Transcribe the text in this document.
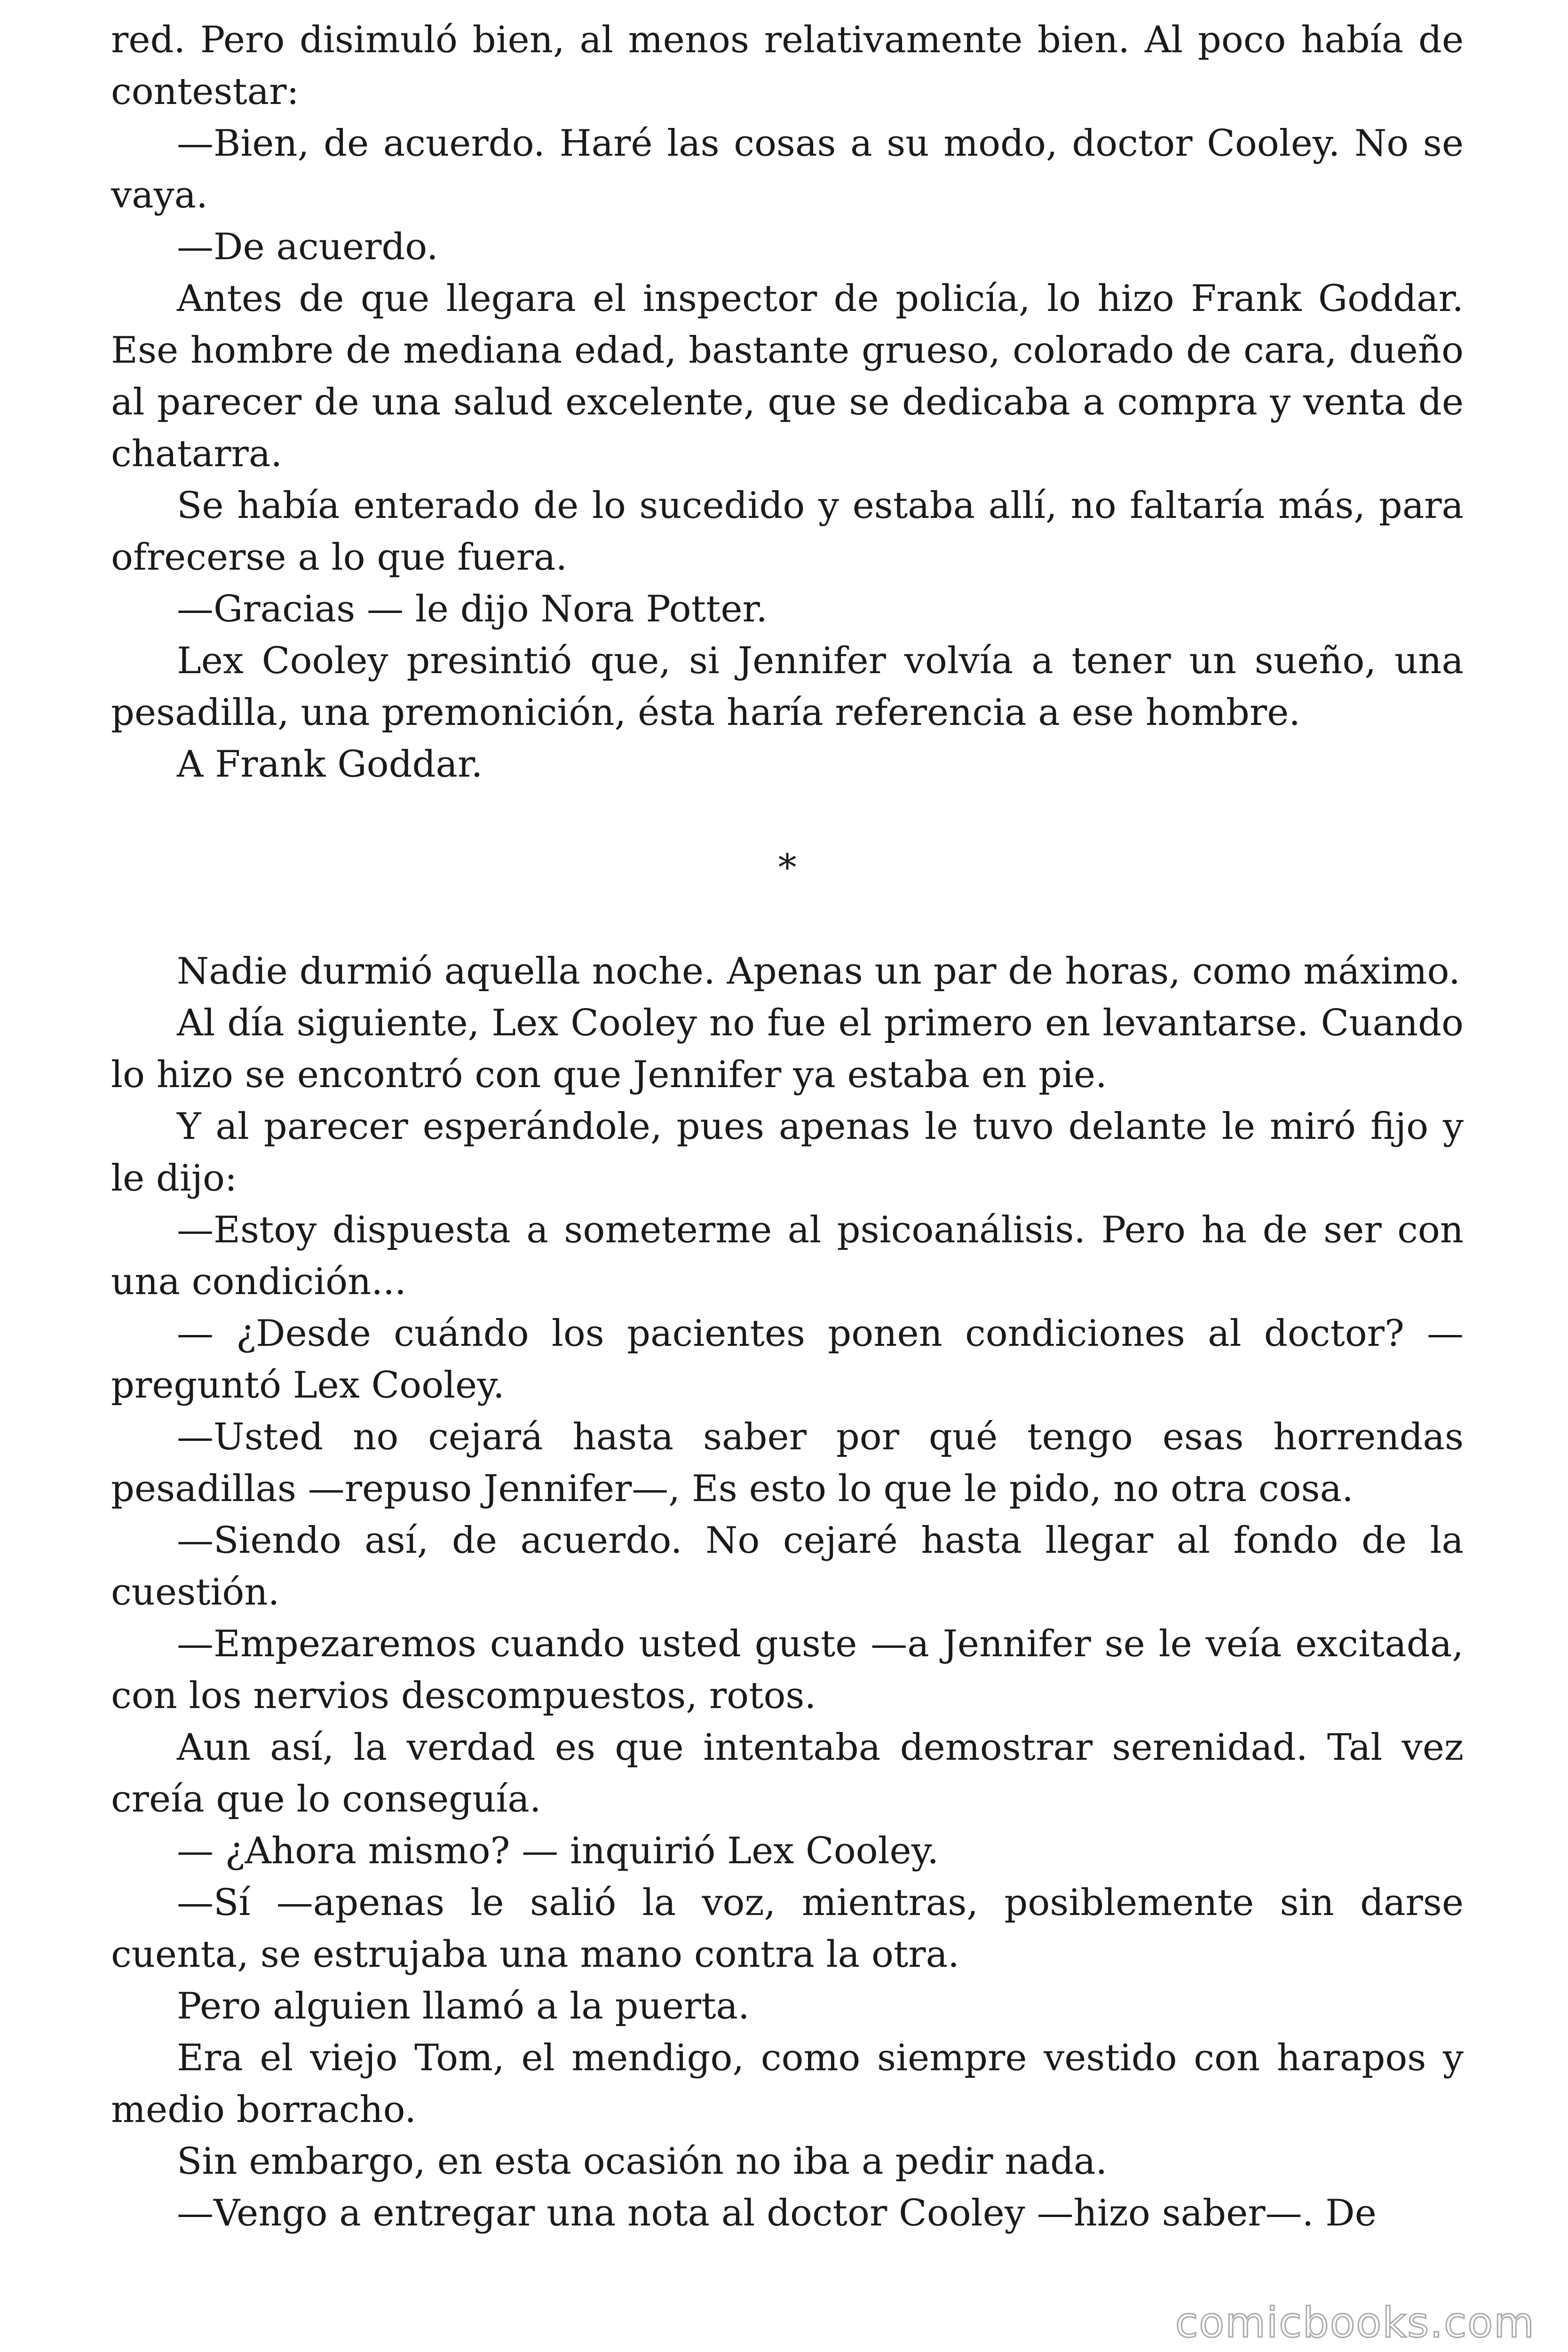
red. Pero disimuló bien, al menos relativamente bien. Al poco había de contestar:

—Bien, de acuerdo. Haré las cosas a su modo, doctor Cooley. No se vaya.

—De acuerdo.

Antes de que llegara el inspector de policía, lo hizo Frank Goddar. Ese hombre de mediana edad, bastante grueso, colorado de cara, dueño al parecer de una salud excelente, que se dedicaba a compra y venta de chatarra.

Se había enterado de lo sucedido y estaba allí, no faltaría más, para ofrecerse a lo que fuera.

—Gracias — le dijo Nora Potter.

Lex Cooley presintió que, si Jennifer volvía a tener un sueño, una pesadilla, una premonición, ésta haría referencia a ese hombre.

A Frank Goddar.

*

Nadie durmió aquella noche. Apenas un par de horas, como máximo.

Al día siguiente, Lex Cooley no fue el primero en levantarse. Cuando lo hizo se encontró con que Jennifer ya estaba en pie.

Y al parecer esperándole, pues apenas le tuvo delante le miró fijo y le dijo:

—Estoy dispuesta a someterme al psicoanálisis. Pero ha de ser con una condición...

— ¿Desde cuándo los pacientes ponen condiciones al doctor? — preguntó Lex Cooley.

—Usted no cejará hasta saber por qué tengo esas horrendas pesadillas —repuso Jennifer—, Es esto lo que le pido, no otra cosa.

—Siendo así, de acuerdo. No cejaré hasta llegar al fondo de la cuestión.

—Empezaremos cuando usted guste —a Jennifer se le veía excitada, con los nervios descompuestos, rotos.

Aun así, la verdad es que intentaba demostrar serenidad. Tal vez creía que lo conseguía.

— ¿Ahora mismo? — inquirió Lex Cooley.

—Sí —apenas le salió la voz, mientras, posiblemente sin darse cuenta, se estrujaba una mano contra la otra.

Pero alguien llamó a la puerta.

Era el viejo Tom, el mendigo, como siempre vestido con harapos y medio borracho.

Sin embargo, en esta ocasión no iba a pedir nada.

—Vengo a entregar una nota al doctor Cooley —hizo saber—. De

comicbooks.com
